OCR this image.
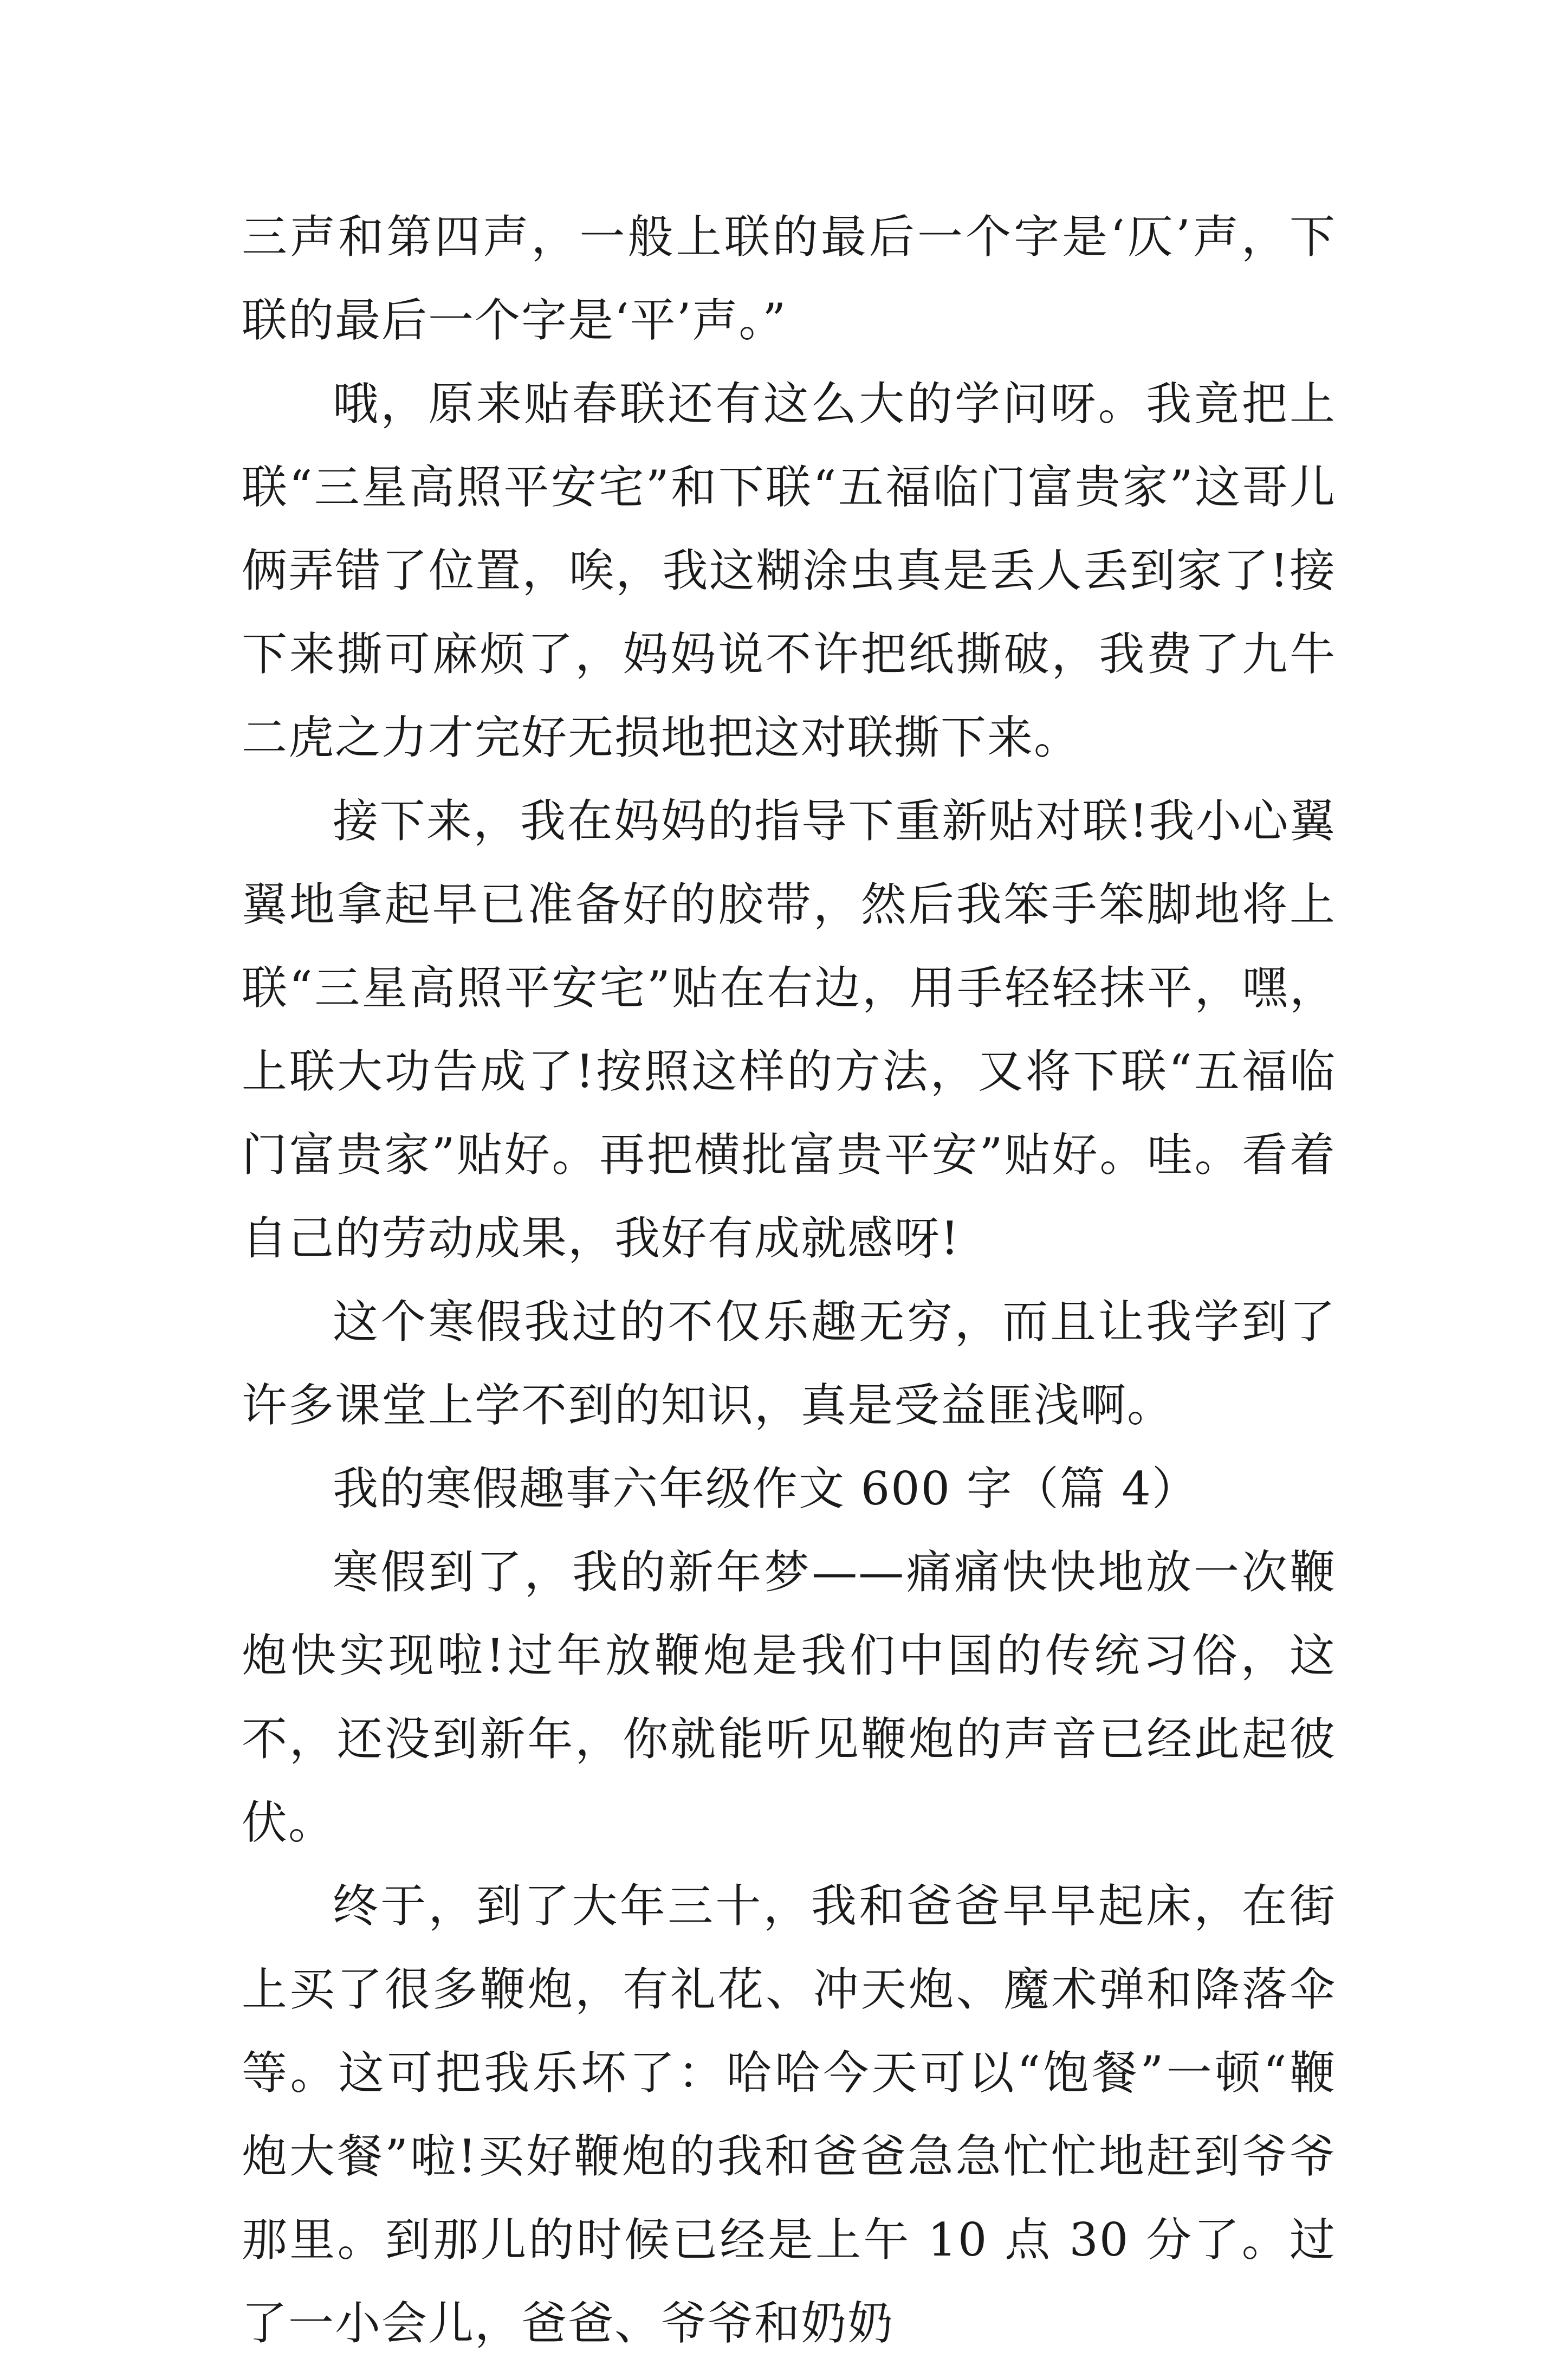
三声和第四声，一般上联的最后一个字是‘仄’声，下联的最后一个字是‘平’声。”

哦，原来贴春联还有这么大的学问呀。我竟把上联“三星高照平安宅”和下联“五福临门富贵家”这哥儿俩弄错了位置，唉，我这糊涂虫真是丢人丢到家了!接下来撕可麻烦了，妈妈说不许把纸撕破，我费了九牛二虎之力才完好无损地把这对联撕下来。

接下来，我在妈妈的指导下重新贴对联!我小心翼翼地拿起早已准备好的胶带，然后我笨手笨脚地将上联“三星高照平安宅”贴在右边，用手轻轻抹平，嘿，上联大功告成了!按照这样的方法，又将下联“五福临门富贵家”贴好。再把横批富贵平安”贴好。哇。看着自己的劳动成果，我好有成就感呀!

这个寒假我过的不仅乐趣无穷，而且让我学到了许多课堂上学不到的知识，真是受益匪浅啊。

我的寒假趣事六年级作文 600 字（篇 4）

寒假到了，我的新年梦——痛痛快快地放一次鞭炮快实现啦!过年放鞭炮是我们中国的传统习俗，这不，还没到新年，你就能听见鞭炮的声音已经此起彼伏。

终于，到了大年三十，我和爸爸早早起床，在街上买了很多鞭炮，有礼花、冲天炮、魔术弹和降落伞等。这可把我乐坏了：哈哈今天可以“饱餐”一顿“鞭炮大餐”啦!买好鞭炮的我和爸爸急急忙忙地赶到爷爷那里。到那儿的时候已经是上午 10 点 30 分了。过了一小会儿，爸爸、爷爷和奶奶
